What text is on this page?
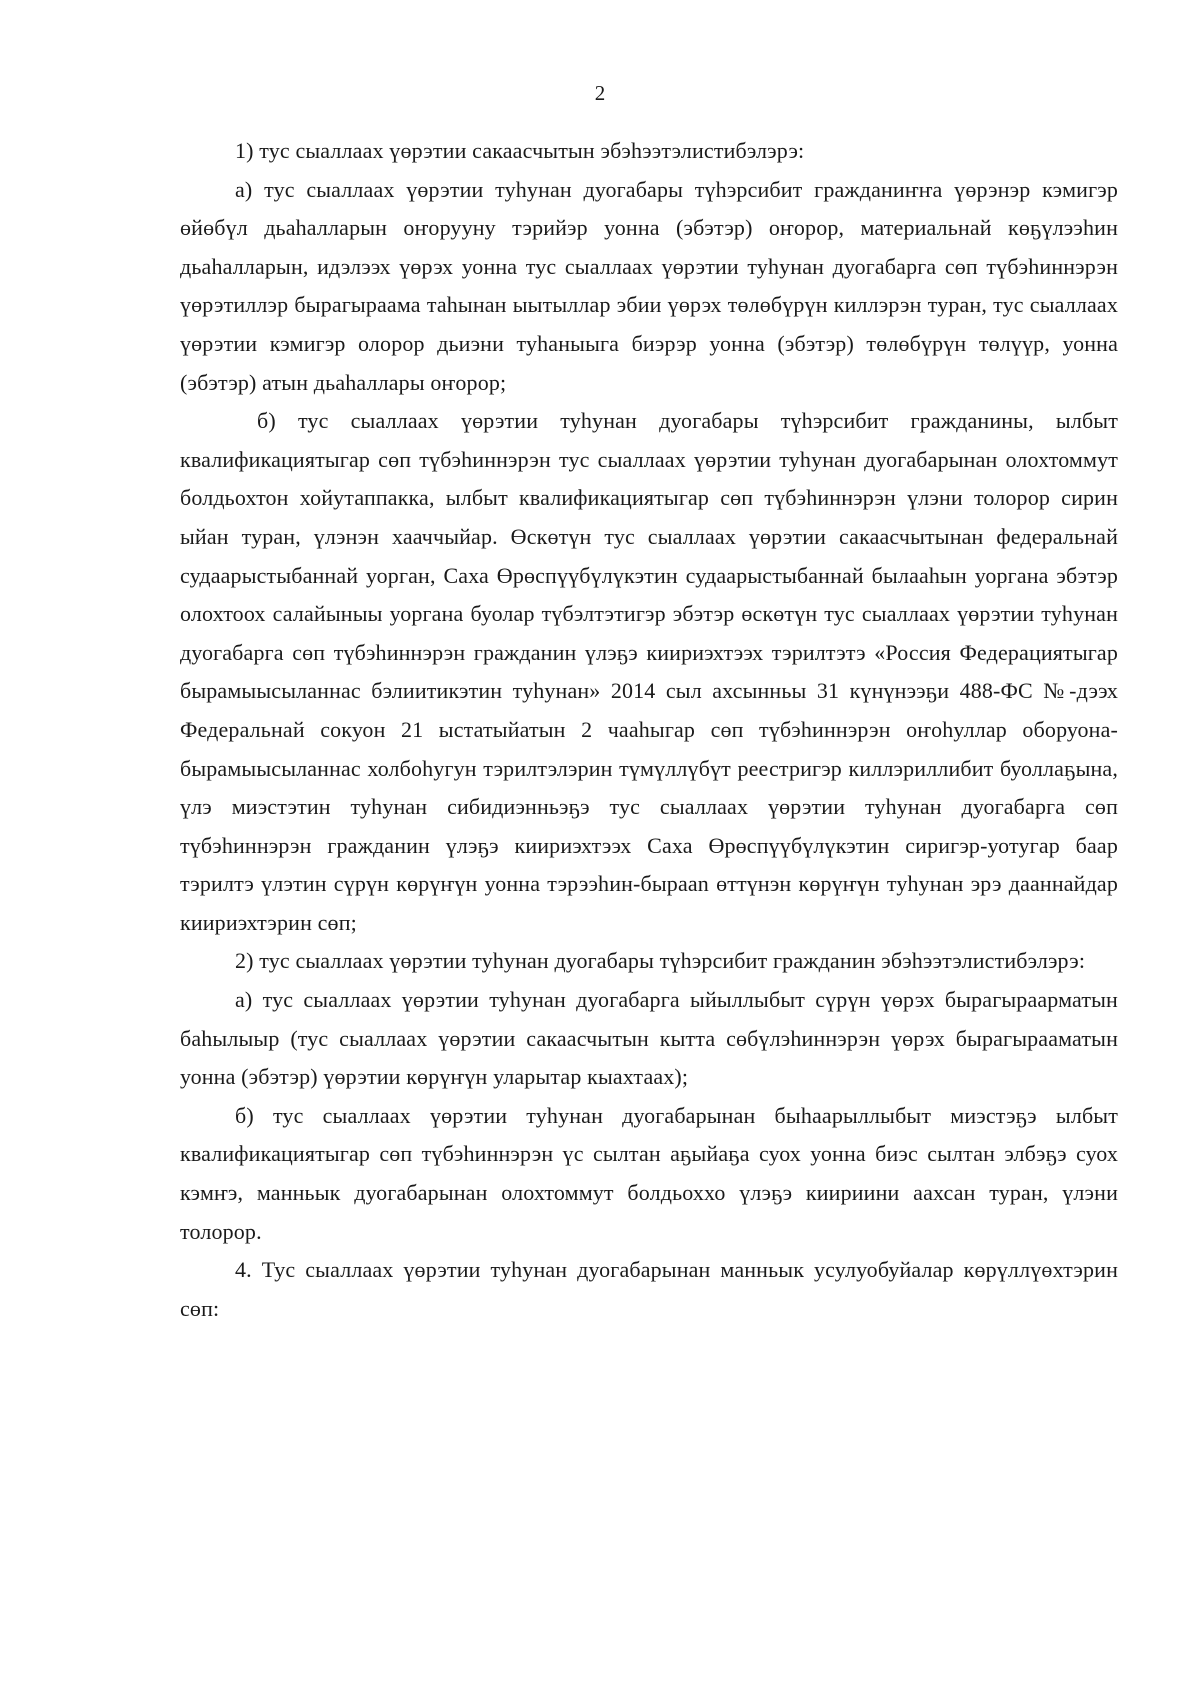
2

1) тус сыаллаах үөрэтии сакаасчытын эбэһээтэлистибэлэрэ:

а) тус сыаллаах үөрэтии туһунан дуогабары түһэрсибит гражданиҥҥа үөрэнэр кэмигэр өйөбүл дьаһалларын оҥорууну тэрийэр уонна (эбэтэр) оҥорор, материальнай көҕүлээһин дьаһалларын, идэлээх үөрэх уонна тус сыаллаах үөрэтии туһунан дуогабарга сөп түбэһиннэрэн үөрэтиллэр бырагырaама таһынан ыытыллар эбии үөрэх төлөбүрүн киллэрэн туран, тус сыаллаах үөрэтии кэмигэр олорор дьиэни туһаныыга биэрэр уонна (эбэтэр) төлөбүрүн төлүүр, уонна (эбэтэр) атын дьаһаллары оҥорор;

б) тус сыаллаах үөрэтии туһунан дуогабары түһэрсибит гражданины, ылбыт квалификациятыгар сөп түбэһиннэрэн тус сыаллаах үөрэтии туһунан дуогабарынан олохтоммут болдьохтон хойутаппакка, ылбыт квалификациятыгар сөп түбэһиннэрэн үлэни толорор сирин ыйан туран, үлэнэн хааччыйар. Өскөтүн тус сыаллаах үөрэтии сакаасчытынан федеральнай судаарыстыбаннай уорган, Саха Өрөспүүбүлүкэтин судаарыстыбаннай былааһын уоргана эбэтэр олохтоох салайыныы уоргана буолар түбэлтэтигэр эбэтэр өскөтүн тус сыаллаах үөрэтии туһунан дуогабарга сөп түбэһиннэрэн гражданин үлэҕэ киириэхтээх тэрилтэтэ «Россия Федерациятыгар бырамыысыланнас бэлиитикэтин туһунан» 2014 сыл ахсынньы 31 күнүнээҕи 488-ФС №-дээх Федеральнай сокуон 21 ыстатыйатын 2 чааһыгар сөп түбэһиннэрэн оҥоһуллар оборуона-бырамыысыланнас холбоһугун тэрилтэлэрин түмүллүбүт реестригэр киллэриллибит буоллаҕына, үлэ миэстэтин туһунан сибидиэнньэҕэ тус сыаллаах үөрэтии туһунан дуогабарга сөп түбэһиннэрэн гражданин үлэҕэ киириэхтээх Саха Өрөспүүбүлүкэтин сиригэр-уотугар баар тэрилтэ үлэтин сүрүн көрүҥүн уонна тэрээһин-бырааn өттүнэн көрүҥүн туһунан эрэ дааннайдар киириэхтэрин сөп;

2) тус сыаллаах үөрэтии туһунан дуогабары түһэрсибит гражданин эбэһээтэлистибэлэрэ:

а) тус сыаллаах үөрэтии туһунан дуогабарга ыйыллыбыт сүрүн үөрэх бырагыраарматын баһылыыр (тус сыаллаах үөрэтии сакаасчытын кытта сөбүлэһиннэрэн үөрэх бырагырaаматын уонна (эбэтэр) үөрэтии көрүҥүн уларытар кыахтаах);

б) тус сыаллаах үөрэтии туһунан дуогабарынан быһаарыллыбыт миэстэҕэ ылбыт квалификациятыгар сөп түбэһиннэрэн үс сылтан аҕыйаҕа суох уонна биэс сылтан элбэҕэ суох кэмҥэ, манньык дуогабарынан олохтоммут болдьоххо үлэҕэ киириини аахсан туран, үлэни толорор.

4. Тус сыаллаах үөрэтии туһунан дуогабарынан манньык усулуобуйалар көрүллүөхтэрин сөп:
